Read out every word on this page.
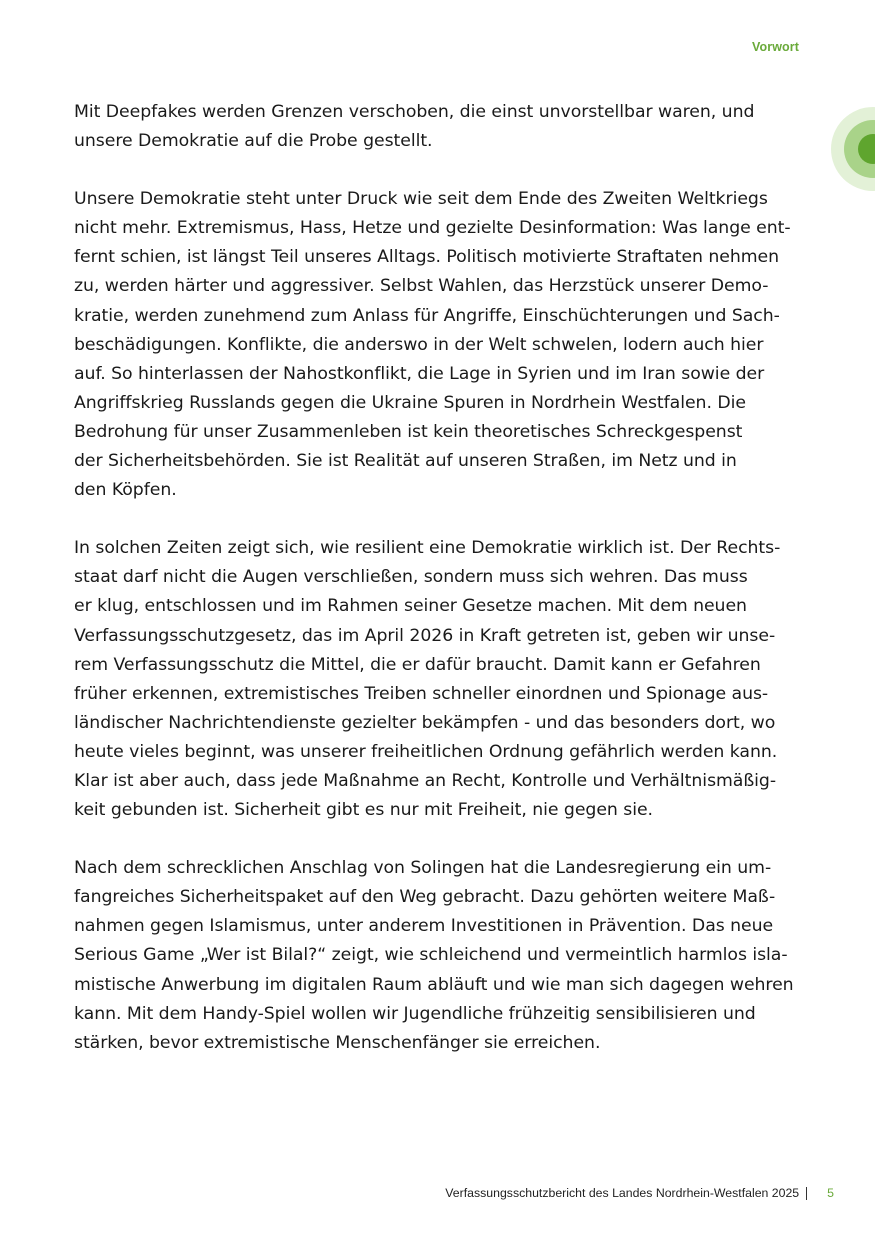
Vorwort
Mit Deepfakes werden Grenzen verschoben, die einst unvorstellbar waren, und
unsere Demokratie auf die Probe gestellt.
Unsere Demokratie steht unter Druck wie seit dem Ende des Zweiten Weltkriegs
nicht mehr. Extremismus, Hass, Hetze und gezielte Desinformation: Was lange ent-
fernt schien, ist längst Teil unseres Alltags. Politisch motivierte Straftaten nehmen
zu, werden härter und aggressiver. Selbst Wahlen, das Herzstück unserer Demo-
kratie, werden zunehmend zum Anlass für Angriffe, Einschüchterungen und Sach-
beschädigungen. Konflikte, die anderswo in der Welt schwelen, lodern auch hier
auf. So hinterlassen der Nahostkonflikt, die Lage in Syrien und im Iran sowie der
Angriffskrieg Russlands gegen die Ukraine Spuren in Nordrhein Westfalen. Die
Bedrohung für unser Zusammenleben ist kein theoretisches Schreckgespenst
der Sicherheitsbehörden. Sie ist Realität auf unseren Straßen, im Netz und in
den Köpfen.
In solchen Zeiten zeigt sich, wie resilient eine Demokratie wirklich ist. Der Rechts-
staat darf nicht die Augen verschließen, sondern muss sich wehren. Das muss
er klug, entschlossen und im Rahmen seiner Gesetze machen. Mit dem neuen
Verfassungsschutzgesetz, das im April 2026 in Kraft getreten ist, geben wir unse-
rem Verfassungsschutz die Mittel, die er dafür braucht. Damit kann er Gefahren
früher erkennen, extremistisches Treiben schneller einordnen und Spionage aus-
ländischer Nachrichtendienste gezielter bekämpfen - und das besonders dort, wo
heute vieles beginnt, was unserer freiheitlichen Ordnung gefährlich werden kann.
Klar ist aber auch, dass jede Maßnahme an Recht, Kontrolle und Verhältnismäßig-
keit gebunden ist. Sicherheit gibt es nur mit Freiheit, nie gegen sie.
Nach dem schrecklichen Anschlag von Solingen hat die Landesregierung ein um-
fangreiches Sicherheitspaket auf den Weg gebracht. Dazu gehörten weitere Maß-
nahmen gegen Islamismus, unter anderem Investitionen in Prävention. Das neue
Serious Game „Wer ist Bilal?“ zeigt, wie schleichend und vermeintlich harmlos isla-
mistische Anwerbung im digitalen Raum abläuft und wie man sich dagegen wehren
kann. Mit dem Handy-Spiel wollen wir Jugendliche frühzeitig sensibilisieren und
stärken, bevor extremistische Menschenfänger sie erreichen.
Verfassungsschutzbericht des Landes Nordrhein-Westfalen 2025 5
